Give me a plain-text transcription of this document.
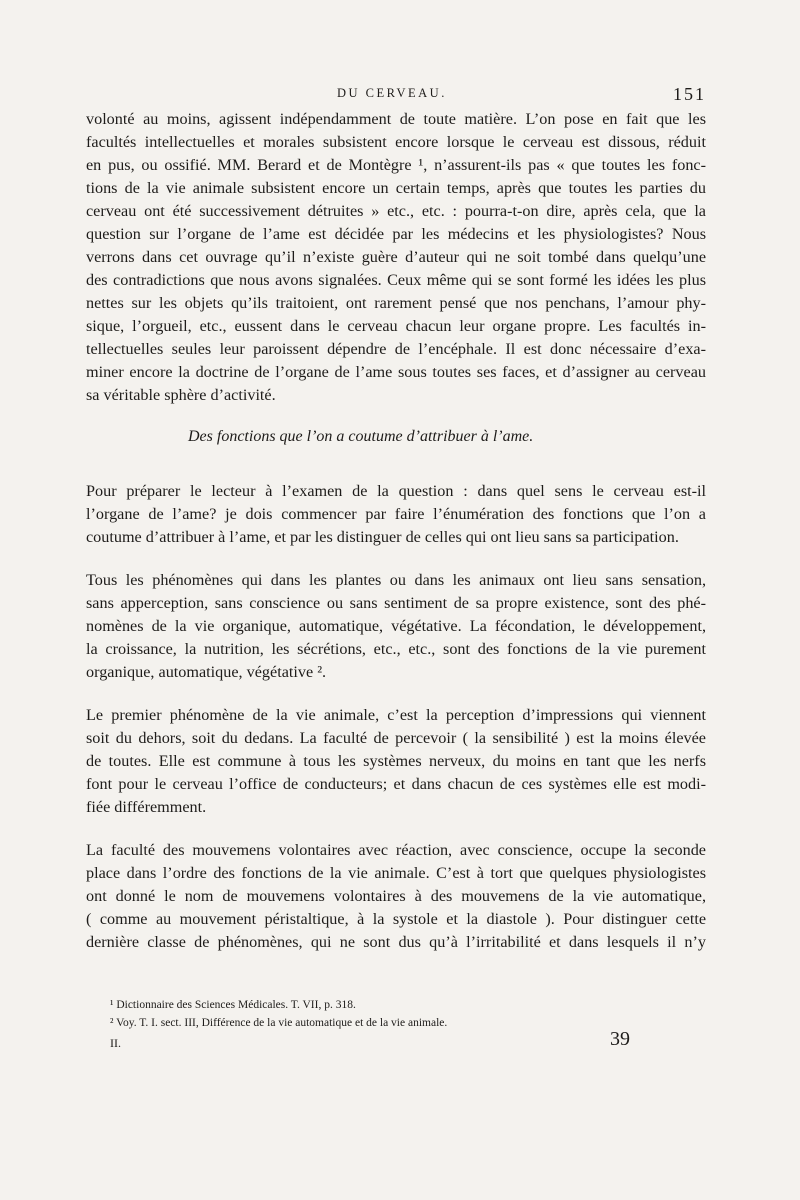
DU CERVEAU.	151
volonté au moins, agissent indépendamment de toute matière. L’on pose en fait que les
facultés intellectuelles et morales subsistent encore lorsque le cerveau est dissous, réduit
en pus, ou ossifié. MM. Berard et de Montègre ¹, n’assurent-ils pas « que toutes les fonc-
tions de la vie animale subsistent encore un certain temps, après que toutes les parties du
cerveau ont été successivement détruites » etc., etc. : pourra-t-on dire, après cela, que la
question sur l’organe de l’ame est décidée par les médecins et les physiologistes? Nous
verrons dans cet ouvrage qu’il n’existe guère d’auteur qui ne soit tombé dans quelqu’une
des contradictions que nous avons signalées. Ceux même qui se sont formé les idées les plus
nettes sur les objets qu’ils traitoient, ont rarement pensé que nos penchans, l’amour phy-
sique, l’orgueil, etc., eussent dans le cerveau chacun leur organe propre. Les facultés in-
tellectuelles seules leur paroissent dépendre de l’encéphale. Il est donc nécessaire d’exa-
miner encore la doctrine de l’organe de l’ame sous toutes ses faces, et d’assigner au cerveau
sa véritable sphère d’activité.
Des fonctions que l’on a coutume d’attribuer à l’ame.
Pour préparer le lecteur à l’examen de la question : dans quel sens le cerveau est-il
l’organe de l’ame? je dois commencer par faire l’énumération des fonctions que l’on a
coutume d’attribuer à l’ame, et par les distinguer de celles qui ont lieu sans sa participation.
Tous les phénomènes qui dans les plantes ou dans les animaux ont lieu sans sensation,
sans apperception, sans conscience ou sans sentiment de sa propre existence, sont des phé-
nomènes de la vie organique, automatique, végétative. La fécondation, le développement,
la croissance, la nutrition, les sécrétions, etc., etc., sont des fonctions de la vie purement
organique, automatique, végétative ².
Le premier phénomène de la vie animale, c’est la perception d’impressions qui viennent
soit du dehors, soit du dedans. La faculté de percevoir ( la sensibilité ) est la moins élevée
de toutes. Elle est commune à tous les systèmes nerveux, du moins en tant que les nerfs
font pour le cerveau l’office de conducteurs; et dans chacun de ces systèmes elle est modi-
fiée différemment.
La faculté des mouvemens volontaires avec réaction, avec conscience, occupe la seconde
place dans l’ordre des fonctions de la vie animale. C’est à tort que quelques physiologistes
ont donné le nom de mouvemens volontaires à des mouvemens de la vie automatique,
( comme au mouvement péristaltique, à la systole et la diastole ). Pour distinguer cette
dernière classe de phénomènes, qui ne sont dus qu’à l’irritabilité et dans lesquels il n’y
¹ Dictionnaire des Sciences Médicales. T. VII, p. 318.
² Voy. T. I. sect. III, Différence de la vie automatique et de la vie animale.
II.	39
